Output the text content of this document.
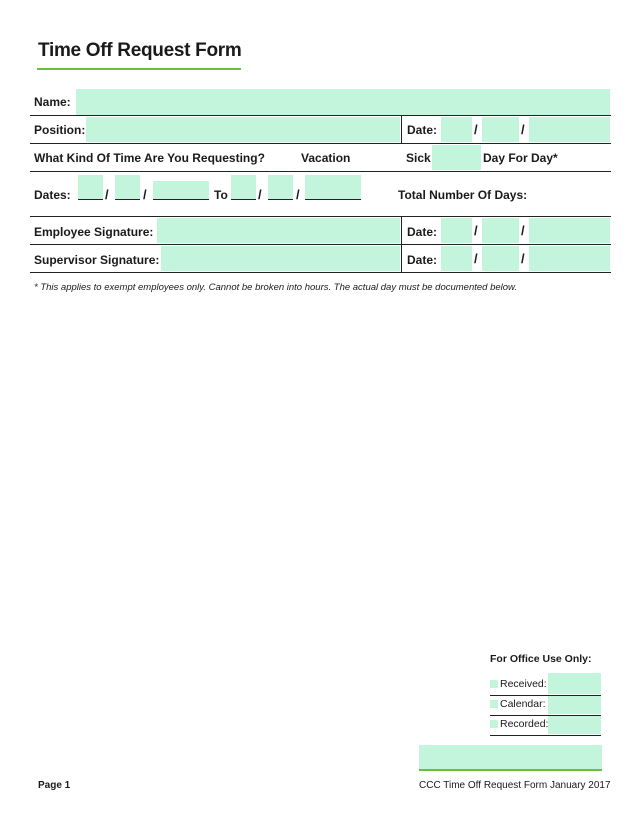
Time Off Request Form
Name:
Position:	Date:	/	/
What Kind Of Time Are You Requesting?	Vacation	Sick	Day For Day*
Dates:	/	/	To /	/	Total Number Of Days:
Employee Signature:	Date:	/	/
Supervisor Signature:	Date:	/	/
* This applies to exempt employees only. Cannot be broken into hours. The actual day must be documented below.
For Office Use Only:
Received:
Calendar:
Recorded:
Page 1	CCC Time Off Request Form January 2017
